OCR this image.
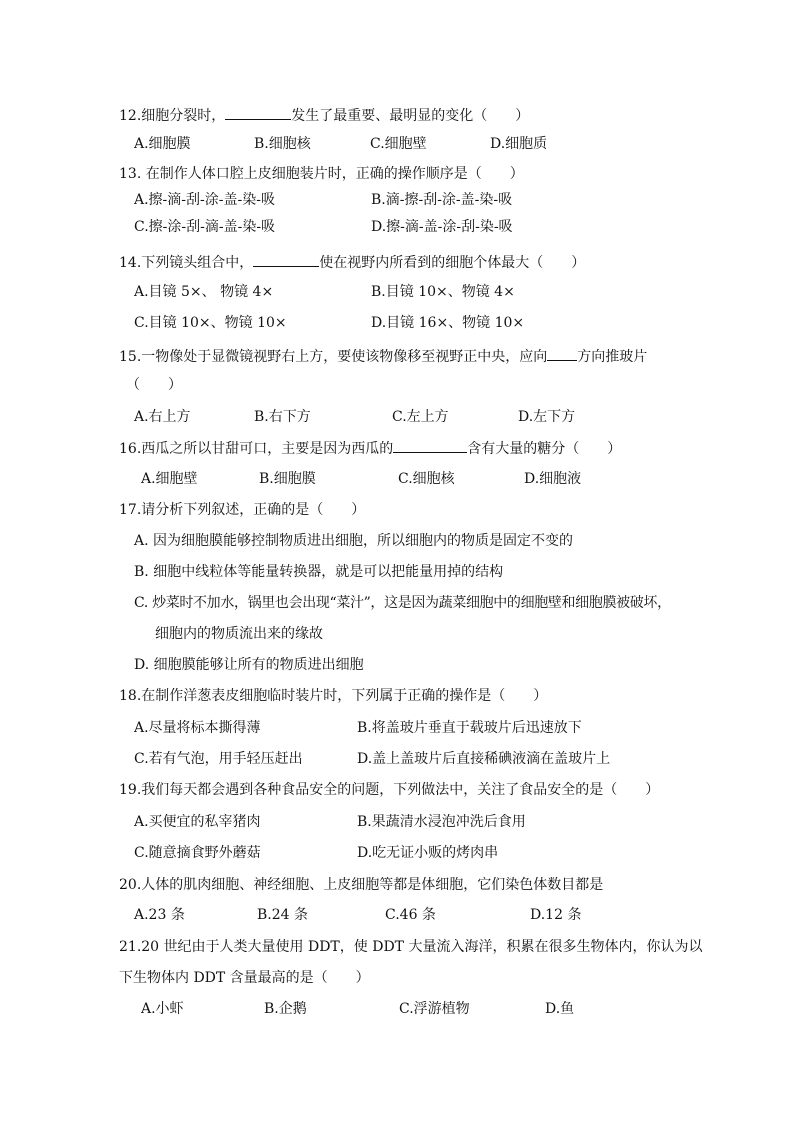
12.细胞分裂时，	发生了最重要、最明显的变化（　　）
A.细胞膜	B.细胞核	C.细胞壁	D.细胞质
13. 在制作人体口腔上皮细胞装片时，正确的操作顺序是（　　）
A.擦-滴-刮-涂-盖-染-吸	B.滴-擦-刮-涂-盖-染-吸
C.擦-涂-刮-滴-盖-染-吸	D.擦-滴-盖-涂-刮-染-吸
14.下列镜头组合中，	使在视野内所看到的细胞个体最大（　　）
A.目镜 5×、 物镜 4×	B.目镜 10×、物镜 4×
C.目镜 10×、物镜 10×	D.目镜 16×、物镜 10×
15.一物像处于显微镜视野右上方，要使该物像移至视野正中央，应向 方向推玻片
（　　）
A.右上方	B.右下方	C.左上方	D.左下方
16.西瓜之所以甘甜可口，主要是因为西瓜的	含有大量的糖分（　　）
A.细胞壁	B.细胞膜	C.细胞核	D.细胞液
17.请分析下列叙述，正确的是（　　）
A. 因为细胞膜能够控制物质进出细胞，所以细胞内的物质是固定不变的
B. 细胞中线粒体等能量转换器，就是可以把能量用掉的结构
C. 炒菜时不加水，锅里也会出现“菜汁”，这是因为蔬菜细胞中的细胞壁和细胞膜被破坏，
细胞内的物质流出来的缘故
D. 细胞膜能够让所有的物质进出细胞
18.在制作洋葱表皮细胞临时装片时，下列属于正确的操作是（　　）
A.尽量将标本撕得薄	B.将盖玻片垂直于载玻片后迅速放下
C.若有气泡，用手轻压赶出	D.盖上盖玻片后直接稀碘液滴在盖玻片上
19.我们每天都会遇到各种食品安全的问题，下列做法中，关注了食品安全的是（　　）
A.买便宜的私宰猪肉	B.果蔬清水浸泡冲洗后食用
C.随意摘食野外蘑菇	D.吃无证小贩的烤肉串
20.人体的肌肉细胞、神经细胞、上皮细胞等都是体细胞，它们染色体数目都是
A.23 条	B.24 条	C.46 条	D.12 条
21.20 世纪由于人类大量使用 DDT，使 DDT 大量流入海洋，积累在很多生物体内，你认为以
下生物体内 DDT 含量最高的是（　　）
A.小虾	B.企鹅	C.浮游植物	D.鱼
